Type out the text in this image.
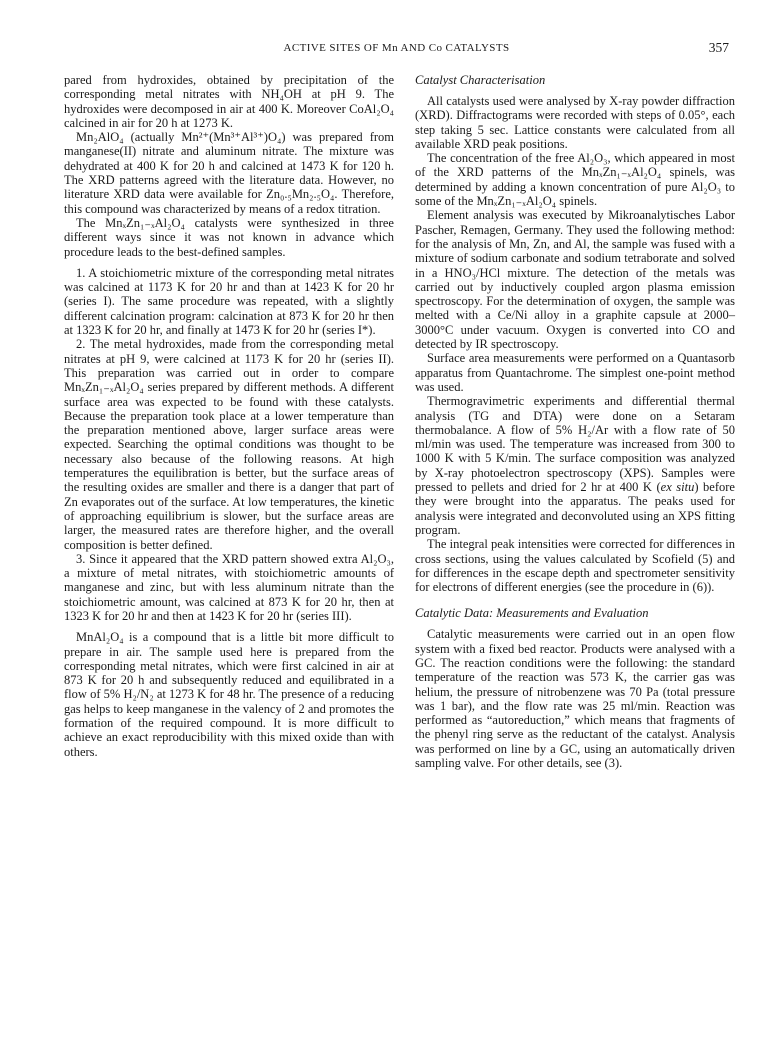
ACTIVE SITES OF Mn AND Co CATALYSTS	357

pared from hydroxides, obtained by precipitation of the corresponding metal nitrates with NH₄OH at pH 9. The hydroxides were decomposed in air at 400 K. Moreover CoAl₂O₄ calcined in air for 20 h at 1273 K.

Mn₂AlO₄ (actually Mn²⁺(Mn³⁺Al³⁺)O₄) was prepared from manganese(II) nitrate and aluminum nitrate. The mixture was dehydrated at 400 K for 20 h and calcined at 1473 K for 120 h. The XRD patterns agreed with the literature data. However, no literature XRD data were available for Zn₀.₅Mn₂.₅O₄. Therefore, this compound was characterized by means of a redox titration.

The MnₓZn₁₋ₓAl₂O₄ catalysts were synthesized in three different ways since it was not known in advance which procedure leads to the best-defined samples.

1. A stoichiometric mixture of the corresponding metal nitrates was calcined at 1173 K for 20 hr and than at 1423 K for 20 hr (series I). The same procedure was repeated, with a slightly different calcination program: calcination at 873 K for 20 hr then at 1323 K for 20 hr, and finally at 1473 K for 20 hr (series I*).

2. The metal hydroxides, made from the corresponding metal nitrates at pH 9, were calcined at 1173 K for 20 hr (series II). This preparation was carried out in order to compare MnₓZn₁₋ₓAl₂O₄ series prepared by different methods. A different surface area was expected to be found with these catalysts. Because the preparation took place at a lower temperature than the preparation mentioned above, larger surface areas were expected. Searching the optimal conditions was thought to be necessary also because of the following reasons. At high temperatures the equilibration is better, but the surface areas of the resulting oxides are smaller and there is a danger that part of Zn evaporates out of the surface. At low temperatures, the kinetic of approaching equilibrium is slower, but the surface areas are larger, the measured rates are therefore higher, and the overall composition is better defined.

3. Since it appeared that the XRD pattern showed extra Al₂O₃, a mixture of metal nitrates, with stoichiometric amounts of manganese and zinc, but with less aluminum nitrate than the stoichiometric amount, was calcined at 873 K for 20 hr, then at 1323 K for 20 hr and then at 1423 K for 20 hr (series III).

MnAl₂O₄ is a compound that is a little bit more difficult to prepare in air. The sample used here is prepared from the corresponding metal nitrates, which were first calcined in air at 873 K for 20 h and subsequently reduced and equilibrated in a flow of 5% H₂/N₂ at 1273 K for 48 hr. The presence of a reducing gas helps to keep manganese in the valency of 2 and promotes the formation of the required compound. It is more difficult to achieve an exact reproducibility with this mixed oxide than with others.

Catalyst Characterisation

All catalysts used were analysed by X-ray powder diffraction (XRD). Diffractograms were recorded with steps of 0.05°, each step taking 5 sec. Lattice constants were calculated from all available XRD peak positions.

The concentration of the free Al₂O₃, which appeared in most of the XRD patterns of the MnₓZn₁₋ₓAl₂O₄ spinels, was determined by adding a known concentration of pure Al₂O₃ to some of the MnₓZn₁₋ₓAl₂O₄ spinels.

Element analysis was executed by Mikroanalytisches Labor Pascher, Remagen, Germany. They used the following method: for the analysis of Mn, Zn, and Al, the sample was fused with a mixture of sodium carbonate and sodium tetraborate and solved in a HNO₃/HCl mixture. The detection of the metals was carried out by inductively coupled argon plasma emission spectroscopy. For the determination of oxygen, the sample was melted with a Ce/Ni alloy in a graphite capsule at 2000–3000°C under vacuum. Oxygen is converted into CO and detected by IR spectroscopy.

Surface area measurements were performed on a Quantasorb apparatus from Quantachrome. The simplest one-point method was used.

Thermogravimetric experiments and differential thermal analysis (TG and DTA) were done on a Setaram thermobalance. A flow of 5% H₂/Ar with a flow rate of 50 ml/min was used. The temperature was increased from 300 to 1000 K with 5 K/min. The surface composition was analyzed by X-ray photoelectron spectroscopy (XPS). Samples were pressed to pellets and dried for 2 hr at 400 K (ex situ) before they were brought into the apparatus. The peaks used for analysis were integrated and deconvoluted using an XPS fitting program.

The integral peak intensities were corrected for differences in cross sections, using the values calculated by Scofield (5) and for differences in the escape depth and spectrometer sensitivity for electrons of different energies (see the procedure in (6)).

Catalytic Data: Measurements and Evaluation

Catalytic measurements were carried out in an open flow system with a fixed bed reactor. Products were analysed with a GC. The reaction conditions were the following: the standard temperature of the reaction was 573 K, the carrier gas was helium, the pressure of nitrobenzene was 70 Pa (total pressure was 1 bar), and the flow rate was 25 ml/min. Reaction was performed as “autoreduction,” which means that fragments of the phenyl ring serve as the reductant of the catalyst. Analysis was performed on line by a GC, using an automatically driven sampling valve. For other details, see (3).
